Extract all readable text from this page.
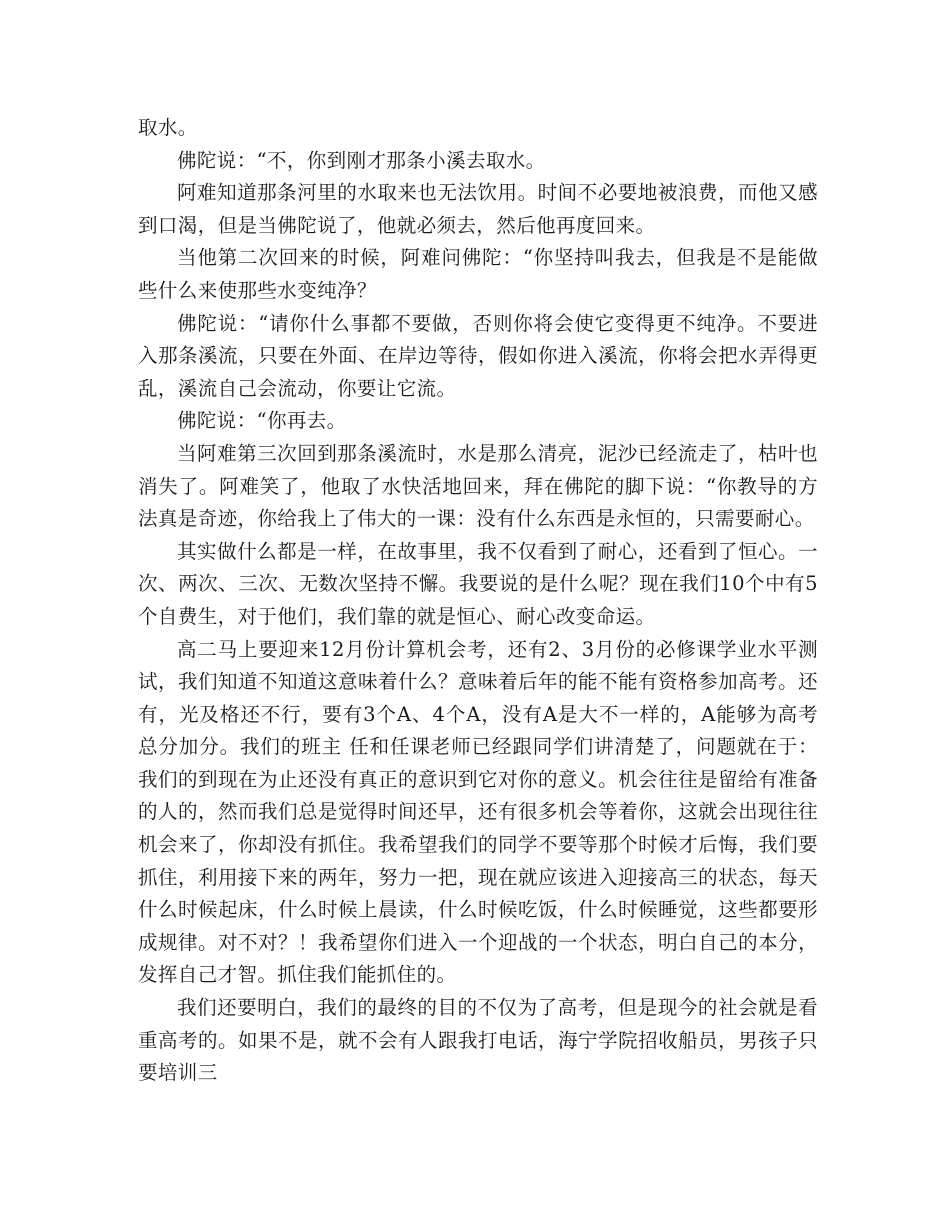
取水。

佛陀说：“不，你到刚才那条小溪去取水。

阿难知道那条河里的水取来也无法饮用。时间不必要地被浪费，而他又感到口渴，但是当佛陀说了，他就必须去，然后他再度回来。

当他第二次回来的时候，阿难问佛陀：“你坚持叫我去，但我是不是能做些什么来使那些水变纯净？

佛陀说：“请你什么事都不要做，否则你将会使它变得更不纯净。不要进入那条溪流，只要在外面、在岸边等待，假如你进入溪流，你将会把水弄得更乱，溪流自己会流动，你要让它流。

佛陀说：“你再去。

当阿难第三次回到那条溪流时，水是那么清亮，泥沙已经流走了，枯叶也消失了。阿难笑了，他取了水快活地回来，拜在佛陀的脚下说：“你教导的方法真是奇迹，你给我上了伟大的一课：没有什么东西是永恒的，只需要耐心。

其实做什么都是一样，在故事里，我不仅看到了耐心，还看到了恒心。一次、两次、三次、无数次坚持不懈。我要说的是什么呢？现在我们10个中有5个自费生，对于他们，我们靠的就是恒心、耐心改变命运。

高二马上要迎来12月份计算机会考，还有2、3月份的必修课学业水平测试，我们知道不知道这意味着什么？意味着后年的能不能有资格参加高考。还有，光及格还不行，要有3个A、4个A，没有A是大不一样的，A能够为高考总分加分。我们的班主 任和任课老师已经跟同学们讲清楚了，问题就在于：我们的到现在为止还没有真正的意识到它对你的意义。机会往往是留给有准备的人的，然而我们总是觉得时间还早，还有很多机会等着你，这就会出现往往机会来了，你却没有抓住。我希望我们的同学不要等那个时候才后悔，我们要抓住，利用接下来的两年，努力一把，现在就应该进入迎接高三的状态，每天什么时候起床，什么时候上晨读，什么时候吃饭，什么时候睡觉，这些都要形成规律。对不对？！我希望你们进入一个迎战的一个状态，明白自己的本分，发挥自己才智。抓住我们能抓住的。

我们还要明白，我们的最终的目的不仅为了高考，但是现今的社会就是看重高考的。如果不是，就不会有人跟我打电话，海宁学院招收船员，男孩子只要培训三
